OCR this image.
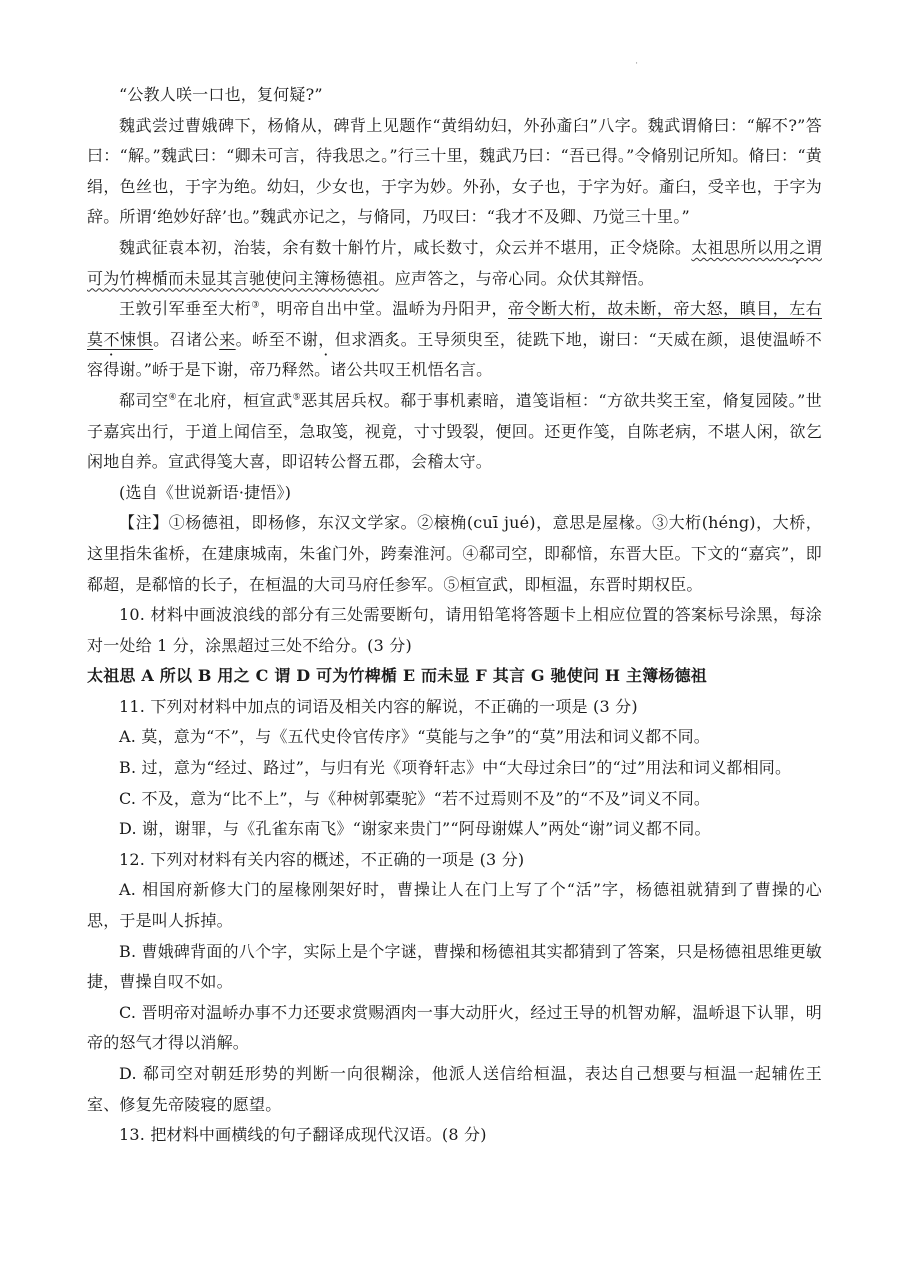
·

“公教人咲一口也，复何疑?”

魏武尝过曹娥碑下，杨脩从，碑背上见题作“黄绢幼妇，外孙齑臼”八字。魏武谓脩曰：“解不?”答曰：“解。”魏武曰：“卿未可言，待我思之。”行三十里，魏武乃曰：“吾已得。”令脩别记所知。脩曰：“黄绢，色丝也，于字为绝。幼妇，少女也，于字为妙。外孙，女子也，于字为好。齑臼，受辛也，于字为辞。所谓‘绝妙好辞’也。”魏武亦记之，与脩同，乃叹曰：“我才不及卿、乃觉三十里。”

魏武征袁本初，治装，余有数十斛竹片，咸长数寸，众云并不堪用，正令烧除。太祖思所以用之谓可为竹椑楯而未显其言驰使问主簿杨德祖。应声答之，与帝心同。众伏其辩悟。

王敦引军垂至大桁③，明帝自出中堂。温峤为丹阳尹，帝令断大桁，故未断，帝大怒，瞋目，左右莫不悚惧。召诸公来。峤至不谢，但求酒炙。王导须臾至，徒跣下地，谢曰：“天威在颜，退使温峤不容得谢。”峤于是下谢，帝乃释然。诸公共叹王机悟名言。

郗司空④在北府，桓宣武⑤恶其居兵权。郗于事机素暗，遣笺诣桓：“方欲共奖王室，脩复园陵。”世子嘉宾出行，于道上闻信至，急取笺，视竟，寸寸毁裂，便回。还更作笺，自陈老病，不堪人闲，欲乞闲地自养。宣武得笺大喜，即诏转公督五郡，会稽太守。

(选自《世说新语·捷悟》)

【注】①杨德祖，即杨修，东汉文学家。②榱桷(cuī jué)，意思是屋椽。③大桁(héng)，大桥，这里指朱雀桥，在建康城南，朱雀门外，跨秦淮河。④郗司空，即郗愔，东晋大臣。下文的“嘉宾”，即郗超，是郗愔的长子，在桓温的大司马府任参军。⑤桓宣武，即桓温，东晋时期权臣。

10. 材料中画波浪线的部分有三处需要断句，请用铅笔将答题卡上相应位置的答案标号涂黑，每涂对一处给 1 分，涂黑超过三处不给分。(3 分)

太祖思 A 所以 B 用之 C 谓 D 可为竹椑楯 E 而未显 F 其言 G 驰使问 H 主簿杨德祖

11. 下列对材料中加点的词语及相关内容的解说，不正确的一项是 (3 分)

A. 莫，意为“不”，与《五代史伶官传序》“莫能与之争”的“莫”用法和词义都不同。

B. 过，意为“经过、路过”，与归有光《项脊轩志》中“大母过余曰”的“过”用法和词义都相同。

C. 不及，意为“比不上”，与《种树郭橐驼》“若不过焉则不及”的“不及”词义不同。

D. 谢，谢罪，与《孔雀东南飞》“谢家来贵门”“阿母谢媒人”两处“谢”词义都不同。

12. 下列对材料有关内容的概述，不正确的一项是 (3 分)

A. 相国府新修大门的屋椽刚架好时，曹操让人在门上写了个“活”字，杨德祖就猜到了曹操的心思，于是叫人拆掉。

B. 曹娥碑背面的八个字，实际上是个字谜，曹操和杨德祖其实都猜到了答案，只是杨德祖思维更敏捷，曹操自叹不如。

C. 晋明帝对温峤办事不力还要求赏赐酒肉一事大动肝火，经过王导的机智劝解，温峤退下认罪，明帝的怒气才得以消解。

D. 郗司空对朝廷形势的判断一向很糊涂，他派人送信给桓温，表达自己想要与桓温一起辅佐王室、修复先帝陵寝的愿望。

13. 把材料中画横线的句子翻译成现代汉语。(8 分)
